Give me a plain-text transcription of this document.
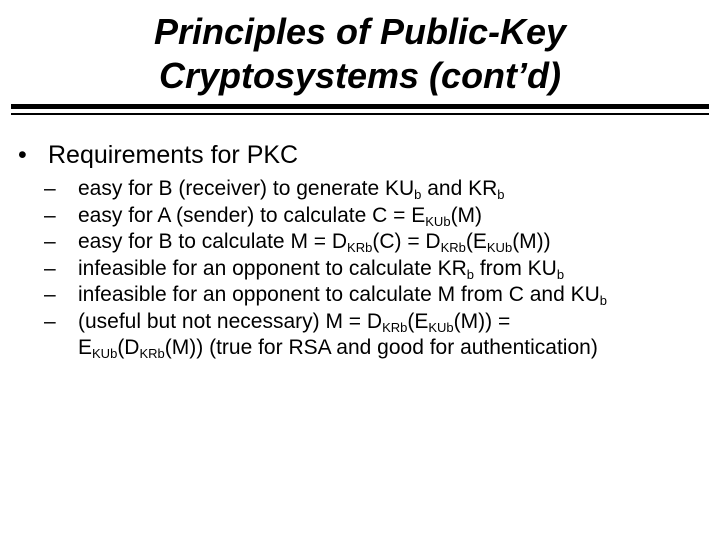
Principles of Public-Key
Cryptosystems (cont’d)
• Requirements for PKC
– easy for B (receiver) to generate $KU_b$ and $KR_b$
– easy for A (sender) to calculate $C = E_{KUb}(M)$
– easy for B to calculate $M = D_{KRb}(C) = D_{KRb}(E_{KUb}(M))$
– infeasible for an opponent to calculate $KR_b$ from $KU_b$
– infeasible for an opponent to calculate M from C and $KU_b$
– (useful but not necessary) $M = D_{KRb}(E_{KUb}(M))$ =
$E_{KUb}(D_{KRb}(M))$ (true for RSA and good for authentication)
